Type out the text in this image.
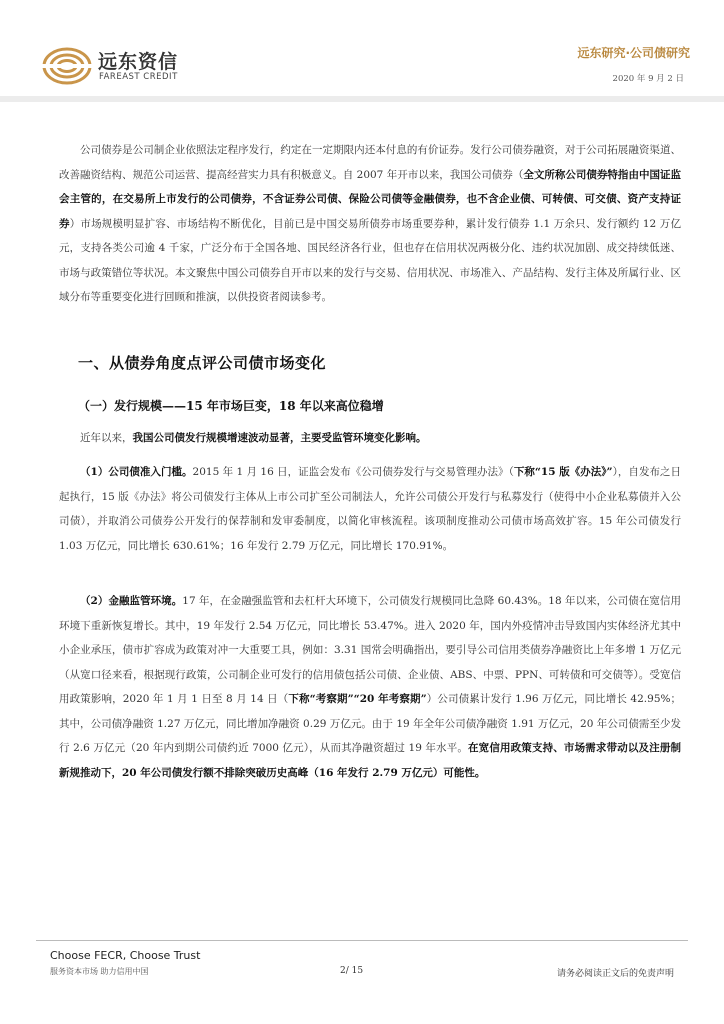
远东资信
FAREAST CREDIT
远东研究·公司债研究
2020 年 9 月 2 日

公司债券是公司制企业依照法定程序发行，约定在一定期限内还本付息的有价证券。发行公司债券融资，对于公司拓展融资渠道、改善融资结构、规范公司运营、提高经营实力具有积极意义。自 2007 年开市以来，我国公司债券（全文所称公司债券特指由中国证监会主管的，在交易所上市发行的公司债券，不含证券公司债、保险公司债等金融债券，也不含企业债、可转债、可交债、资产支持证券）市场规模明显扩容、市场结构不断优化，目前已是中国交易所债券市场重要券种，累计发行债券 1.1 万余只、发行额约 12 万亿元，支持各类公司逾 4 千家，广泛分布于全国各地、国民经济各行业，但也存在信用状况两极分化、违约状况加剧、成交持续低迷、市场与政策错位等状况。本文聚焦中国公司债券自开市以来的发行与交易、信用状况、市场准入、产品结构、发行主体及所属行业、区域分布等重要变化进行回顾和推演，以供投资者阅读参考。

一、从债券角度点评公司债市场变化
（一）发行规模——15 年市场巨变，18 年以来高位稳增

近年以来，我国公司债发行规模增速波动显著，主要受监管环境变化影响。

（1）公司债准入门槛。2015 年 1 月 16 日，证监会发布《公司债券发行与交易管理办法》（下称“15 版《办法》”），自发布之日起执行，15 版《办法》将公司债发行主体从上市公司扩至公司制法人，允许公司债公开发行与私募发行（使得中小企业私募债并入公司债），并取消公司债券公开发行的保荐制和发审委制度，以简化审核流程。该项制度推动公司债市场高效扩容。15 年公司债发行 1.03 万亿元，同比增长 630.61%；16 年发行 2.79 万亿元，同比增长 170.91%。

（2）金融监管环境。17 年，在金融强监管和去杠杆大环境下，公司债发行规模同比急降 60.43%。18 年以来，公司债在宽信用环境下重新恢复增长。其中，19 年发行 2.54 万亿元，同比增长 53.47%。进入 2020 年，国内外疫情冲击导致国内实体经济尤其中小企业承压，债市扩容成为政策对冲一大重要工具，例如：3.31 国常会明确指出，要引导公司信用类债券净融资比上年多增 1 万亿元（从宽口径来看，根据现行政策，公司制企业可发行的信用债包括公司债、企业债、ABS、中票、PPN、可转债和可交债等）。受宽信用政策影响，2020 年 1 月 1 日至 8 月 14 日（下称“考察期”“20 年考察期”）公司债累计发行 1.96 万亿元，同比增长 42.95%；其中，公司债净融资 1.27 万亿元，同比增加净融资 0.29 万亿元。由于 19 年全年公司债净融资 1.91 万亿元，20 年公司债需至少发行 2.6 万亿元（20 年内到期公司债约近 7000 亿元），从而其净融资超过 19 年水平。在宽信用政策支持、市场需求带动以及注册制新规推动下，20 年公司债发行额不排除突破历史高峰（16 年发行 2.79 万亿元）可能性。

Choose FECR, Choose Trust
服务资本市场 助力信用中国	2/ 15	请务必阅读正文后的免责声明
